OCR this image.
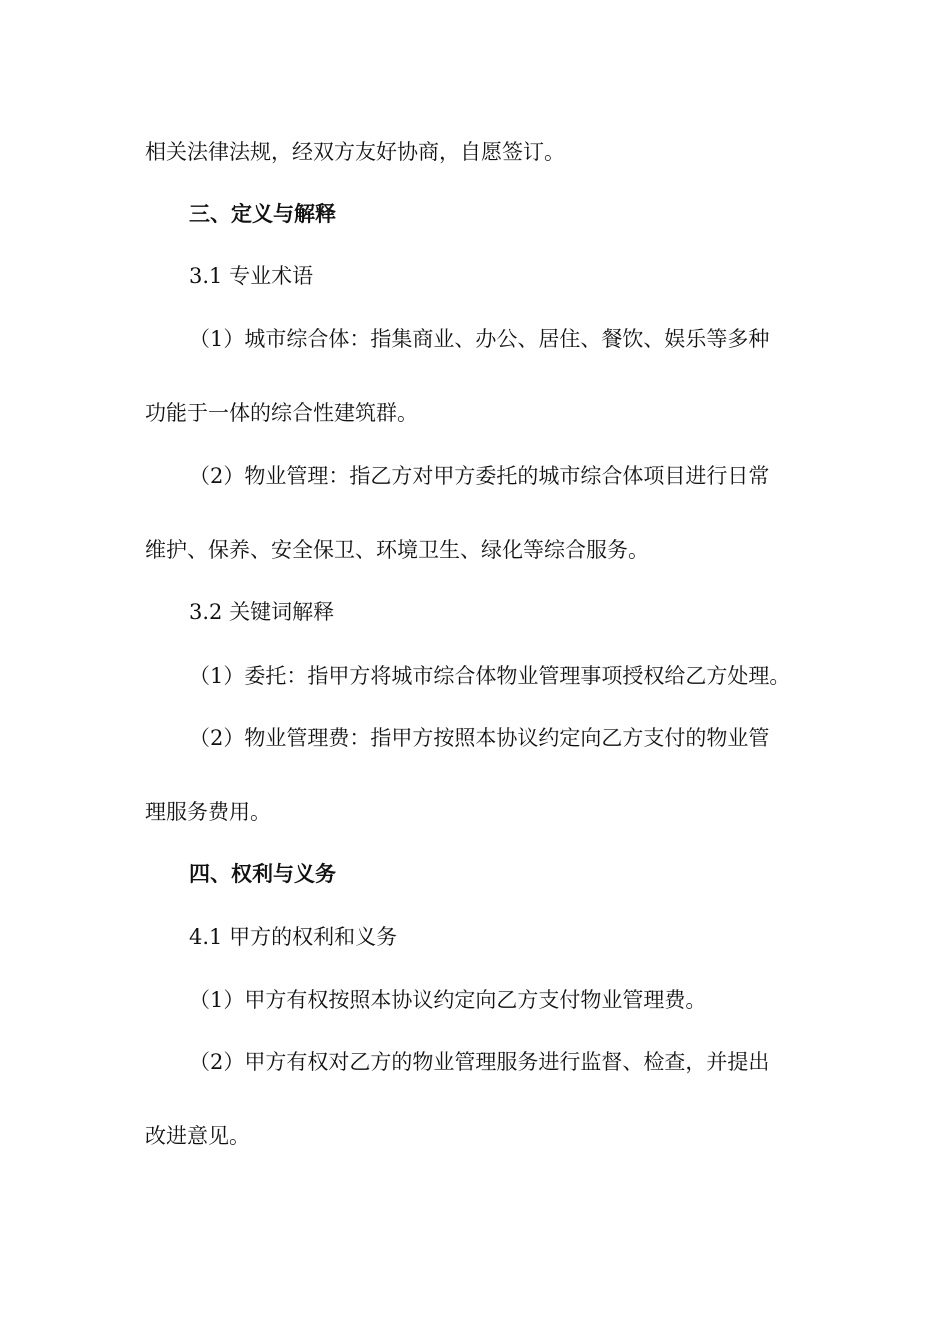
相关法律法规，经双方友好协商，自愿签订。
三、定义与解释
3.1 专业术语
（1）城市综合体：指集商业、办公、居住、餐饮、娱乐等多种
功能于一体的综合性建筑群。
（2）物业管理：指乙方对甲方委托的城市综合体项目进行日常
维护、保养、安全保卫、环境卫生、绿化等综合服务。
3.2 关键词解释
（1）委托：指甲方将城市综合体物业管理事项授权给乙方处理。
（2）物业管理费：指甲方按照本协议约定向乙方支付的物业管
理服务费用。
四、权利与义务
4.1 甲方的权利和义务
（1）甲方有权按照本协议约定向乙方支付物业管理费。
（2）甲方有权对乙方的物业管理服务进行监督、检查，并提出
改进意见。
